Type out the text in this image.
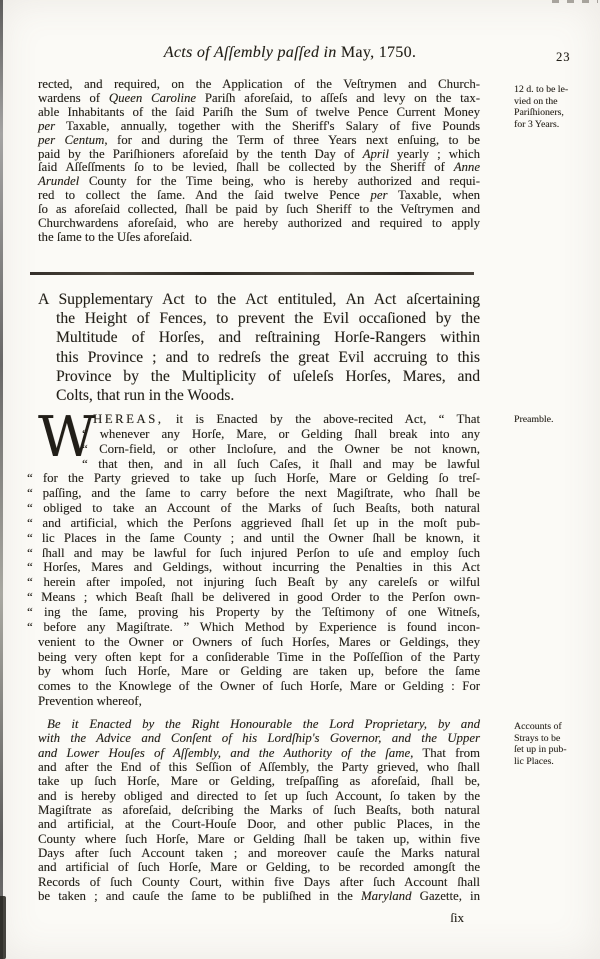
Acts of Aſſembly paſſed in May, 1750.	23
rected, and required, on the Application of the Veſtrymen and Church-
wardens of Queen Caroline Pariſh aforeſaid, to aſſeſs and levy on the tax-
able Inhabitants of the ſaid Pariſh the Sum of twelve Pence Current Money
per Taxable, annually, together with the Sheriff's Salary of five Pounds
per Centum, for and during the Term of three Years next enſuing, to be
paid by the Pariſhioners aforeſaid by the tenth Day of April yearly ; which
ſaid Aſſeſſments ſo to be levied, ſhall be collected by the Sheriff of Anne
Arundel County for the Time being, who is hereby authorized and requi-
red to collect the ſame. And the ſaid twelve Pence per Taxable, when
ſo as aforeſaid collected, ſhall be paid by ſuch Sheriff to the Veſtrymen and
Churchwardens aforeſaid, who are hereby authorized and required to apply
the ſame to the Uſes aforeſaid.
12 d. to be le-
vied on the
Pariſhioners,
for 3 Years.
A Supplementary Act to the Act entituled, An Act aſcertaining
the Height of Fences, to prevent the Evil occaſioned by the
Multitude of Horſes, and reſtraining Horſe-Rangers within
this Province ; and to redreſs the great Evil accruing to this
Province by the Multiplicity of uſeleſs Horſes, Mares, and
Colts, that run in the Woods.
W
HEREAS, it is Enacted by the above-recited Act, “ That
“ whenever any Horſe, Mare, or Gelding ſhall break into any
“ Corn-field, or other Incloſure, and the Owner be not known,
“ that then, and in all ſuch Caſes, it ſhall and may be lawful
“ for the Party grieved to take up ſuch Horſe, Mare or Gelding ſo treſ-
“ paſſing, and the ſame to carry before the next Magiſtrate, who ſhall be
“ obliged to take an Account of the Marks of ſuch Beaſts, both natural
“ and artificial, which the Perſons aggrieved ſhall ſet up in the moſt pub-
“ lic Places in the ſame County ; and until the Owner ſhall be known, it
“ ſhall and may be lawful for ſuch injured Perſon to uſe and employ ſuch
“ Horſes, Mares and Geldings, without incurring the Penalties in this Act
“ herein after impoſed, not injuring ſuch Beaſt by any careleſs or wilful
“ Means ; which Beaſt ſhall be delivered in good Order to the Perſon own-
“ ing the ſame, proving his Property by the Teſtimony of one Witneſs,
“ before any Magiſtrate. ” Which Method by Experience is found incon-
venient to the Owner or Owners of ſuch Horſes, Mares or Geldings, they
being very often kept for a conſiderable Time in the Poſſeſſion of the Party
by whom ſuch Horſe, Mare or Gelding are taken up, before the ſame
comes to the Knowlege of the Owner of ſuch Horſe, Mare or Gelding : For
Prevention whereof,
Preamble.
Be it Enacted by the Right Honourable the Lord Proprietary, by and
with the Advice and Conſent of his Lordſhip's Governor, and the Upper
and Lower Houſes of Aſſembly, and the Authority of the ſame, That from
and after the End of this Seſſion of Aſſembly, the Party grieved, who ſhall
take up ſuch Horſe, Mare or Gelding, treſpaſſing as aforeſaid, ſhall be,
and is hereby obliged and directed to ſet up ſuch Account, ſo taken by the
Magiſtrate as aforeſaid, deſcribing the Marks of ſuch Beaſts, both natural
and artificial, at the Court-Houſe Door, and other public Places, in the
County where ſuch Horſe, Mare or Gelding ſhall be taken up, within five
Days after ſuch Account taken ; and moreover cauſe the Marks natural
and artificial of ſuch Horſe, Mare or Gelding, to be recorded amongſt the
Records of ſuch County Court, within five Days after ſuch Account ſhall
be taken ; and cauſe the ſame to be publiſhed in the Maryland Gazette, in
Accounts of
Strays to be
ſet up in pub-
lic Places.
ſix
